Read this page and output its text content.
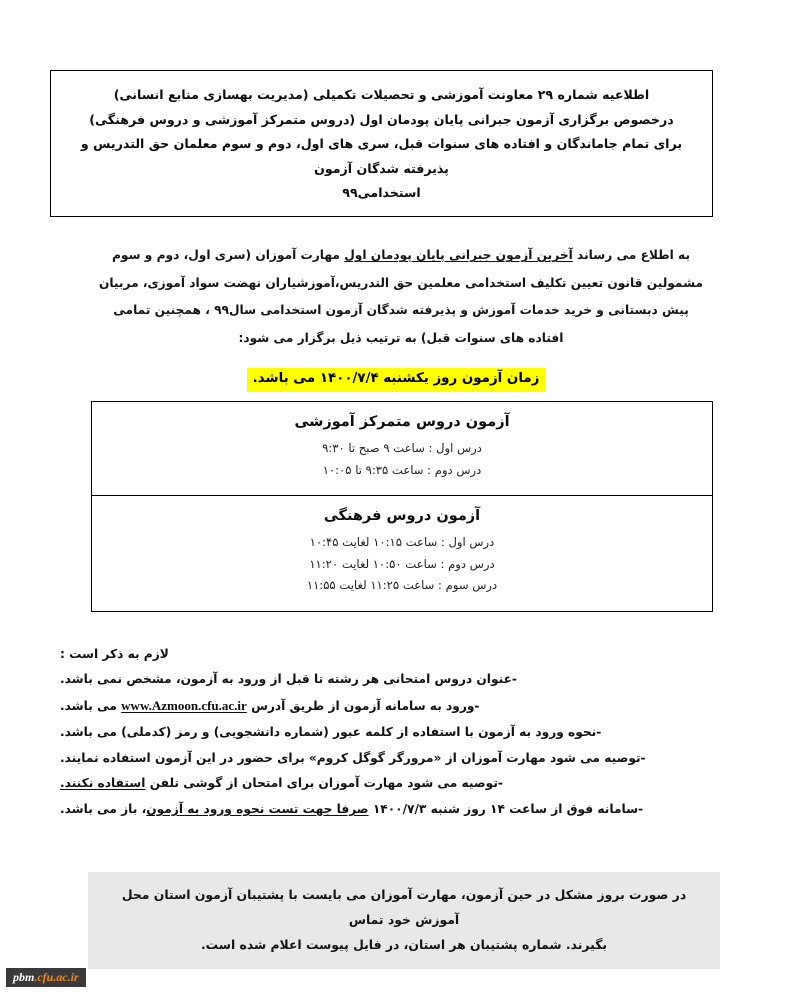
اطلاعیه شماره ۲۹ معاونت آموزشی و تحصیلات تکمیلی (مدیریت بهسازی منابع انسانی)
درخصوص برگزاری آزمون جبرانی پایان پودمان اول (دروس متمرکز آموزشی و دروس فرهنگی)
برای تمام جاماندگان و افتاده های سنوات قبل، سری های اول، دوم و سوم معلمان حق التدریس و پذیرفته شدگان آزمون
استخدامی۹۹

به اطلاع می رساند آخرین آزمون جبرانی پایان پودمان اول مهارت آموزان (سری اول، دوم و سوم مشمولین قانون تعیین تکلیف استخدامی معلمین حق التدریس،آموزشیاران نهضت سواد آموزی، مربیان پیش دبستانی و خرید خدمات آموزش و پذیرفته شدگان آزمون استخدامی سال۹۹ ، همچنین تمامی افتاده های سنوات قبل) به ترتیب ذیل برگزار می شود:

زمان آزمون روز یکشنبه ۱۴۰۰/۷/۴ می باشد.
آزمون دروس متمرکز آموزشی
درس اول : ساعت ۹ صبح تا ۹:۳۰
درس دوم : ساعت ۹:۳۵ تا ۱۰:۰۵

آزمون دروس فرهنگی
درس اول : ساعت ۱۰:۱۵ لغایت ۱۰:۴۵
درس دوم : ساعت ۱۰:۵۰ لغایت ۱۱:۲۰
درس سوم : ساعت ۱۱:۲۵ لغایت ۱۱:۵۵
لازم به ذکر است :
-عنوان دروس امتحانی هر رشته تا قبل از ورود به آزمون، مشخص نمی باشد.
-ورود به سامانه آزمون از طریق آدرس www.Azmoon.cfu.ac.ir می باشد.
-نحوه ورود به آزمون با استفاده از کلمه عبور (شماره دانشجویی) و رمز (کدملی) می باشد.
-توصیه می شود مهارت آموزان از «مرورگر گوگل کروم» برای حضور در این آزمون استفاده نمایند.
-توصیه می شود مهارت آموزان برای امتحان از گوشی تلفن استفاده نکنند.
-سامانه فوق از ساعت ۱۴ روز شنبه ۱۴۰۰/۷/۳ صرفا جهت تست نحوه ورود به آزمون، باز می باشد.
در صورت بروز مشکل در حین آزمون، مهارت آموزان می بایست با پشتیبان آزمون استان محل آموزش خود تماس
بگیرند. شماره پشتیبان هر استان، در فایل پیوست اعلام شده است.
pbm.cfu.ac.ir
